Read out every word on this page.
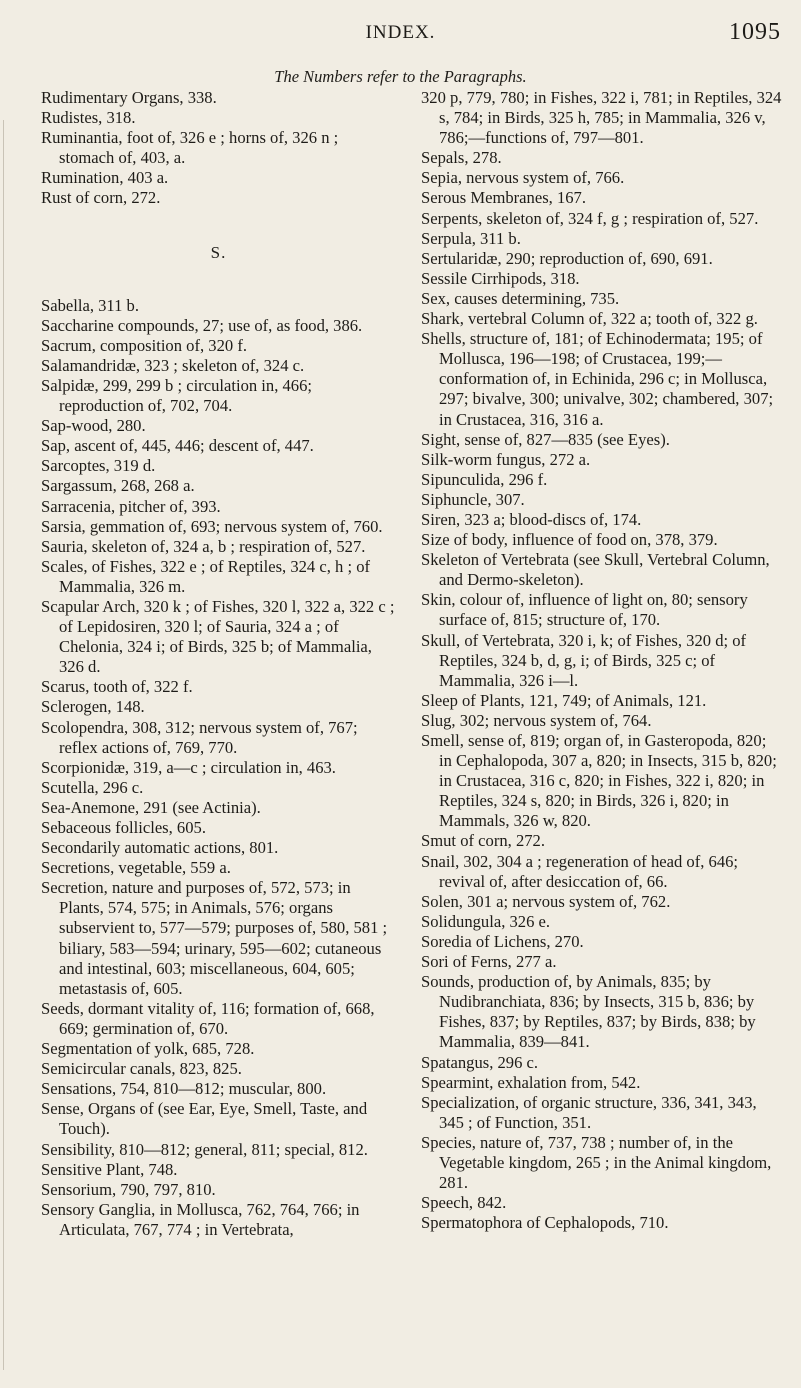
INDEX.	1095
The Numbers refer to the Paragraphs.

Rudimentary Organs, 338.

Rudistes, 318.

Ruminantia, foot of, 326 e ; horns of, 326 n ; stomach of, 403, a.

Rumination, 403 a.

Rust of corn, 272.

S.

Sabella, 311 b.

Saccharine compounds, 27; use of, as food, 386.

Sacrum, composition of, 320 f.

Salamandridæ, 323 ; skeleton of, 324 c.

Salpidæ, 299, 299 b ; circulation in, 466; reproduction of, 702, 704.

Sap-wood, 280.

Sap, ascent of, 445, 446; descent of, 447.

Sarcoptes, 319 d.

Sargassum, 268, 268 a.

Sarracenia, pitcher of, 393.

Sarsia, gemmation of, 693; nervous system of, 760.

Sauria, skeleton of, 324 a, b ; respiration of, 527.

Scales, of Fishes, 322 e ; of Reptiles, 324 c, h ; of Mammalia, 326 m.

Scapular Arch, 320 k ; of Fishes, 320 l, 322 a, 322 c ; of Lepidosiren, 320 l; of Sauria, 324 a ; of Chelonia, 324 i; of Birds, 325 b; of Mammalia, 326 d.

Scarus, tooth of, 322 f.

Sclerogen, 148.

Scolopendra, 308, 312; nervous system of, 767; reflex actions of, 769, 770.

Scorpionidæ, 319, a—c ; circulation in, 463.

Scutella, 296 c.

Sea-Anemone, 291 (see Actinia).

Sebaceous follicles, 605.

Secondarily automatic actions, 801.

Secretions, vegetable, 559 a.

Secretion, nature and purposes of, 572, 573; in Plants, 574, 575; in Animals, 576; organs subservient to, 577—579; purposes of, 580, 581 ; biliary, 583—594; urinary, 595—602; cutaneous and intestinal, 603; miscellaneous, 604, 605; metastasis of, 605.

Seeds, dormant vitality of, 116; formation of, 668, 669; germination of, 670.

Segmentation of yolk, 685, 728.

Semicircular canals, 823, 825.

Sensations, 754, 810—812; muscular, 800.

Sense, Organs of (see Ear, Eye, Smell, Taste, and Touch).

Sensibility, 810—812; general, 811; special, 812.

Sensitive Plant, 748.

Sensorium, 790, 797, 810.

Sensory Ganglia, in Mollusca, 762, 764, 766; in Articulata, 767, 774 ; in Vertebrata,

320 p, 779, 780; in Fishes, 322 i, 781; in Reptiles, 324 s, 784; in Birds, 325 h, 785; in Mammalia, 326 v, 786;—functions of, 797—801.

Sepals, 278.

Sepia, nervous system of, 766.

Serous Membranes, 167.

Serpents, skeleton of, 324 f, g ; respiration of, 527.

Serpula, 311 b.

Sertularidæ, 290; reproduction of, 690, 691.

Sessile Cirrhipods, 318.

Sex, causes determining, 735.

Shark, vertebral Column of, 322 a; tooth of, 322 g.

Shells, structure of, 181; of Echinodermata; 195; of Mollusca, 196—198; of Crustacea, 199;—conformation of, in Echinida, 296 c; in Mollusca, 297; bivalve, 300; univalve, 302; chambered, 307; in Crustacea, 316, 316 a.

Sight, sense of, 827—835 (see Eyes).

Silk-worm fungus, 272 a.

Sipunculida, 296 f.

Siphuncle, 307.

Siren, 323 a; blood-discs of, 174.

Size of body, influence of food on, 378, 379.

Skeleton of Vertebrata (see Skull, Vertebral Column, and Dermo-skeleton).

Skin, colour of, influence of light on, 80; sensory surface of, 815; structure of, 170.

Skull, of Vertebrata, 320 i, k; of Fishes, 320 d; of Reptiles, 324 b, d, g, i; of Birds, 325 c; of Mammalia, 326 i—l.

Sleep of Plants, 121, 749; of Animals, 121.

Slug, 302; nervous system of, 764.

Smell, sense of, 819; organ of, in Gasteropoda, 820; in Cephalopoda, 307 a, 820; in Insects, 315 b, 820; in Crustacea, 316 c, 820; in Fishes, 322 i, 820; in Reptiles, 324 s, 820; in Birds, 326 i, 820; in Mammals, 326 w, 820.

Smut of corn, 272.

Snail, 302, 304 a ; regeneration of head of, 646; revival of, after desiccation of, 66.

Solen, 301 a; nervous system of, 762.

Solidungula, 326 e.

Soredia of Lichens, 270.

Sori of Ferns, 277 a.

Sounds, production of, by Animals, 835; by Nudibranchiata, 836; by Insects, 315 b, 836; by Fishes, 837; by Reptiles, 837; by Birds, 838; by Mammalia, 839—841.

Spatangus, 296 c.

Spearmint, exhalation from, 542.

Specialization, of organic structure, 336, 341, 343, 345 ; of Function, 351.

Species, nature of, 737, 738 ; number of, in the Vegetable kingdom, 265 ; in the Animal kingdom, 281.

Speech, 842.

Spermatophora of Cephalopods, 710.
